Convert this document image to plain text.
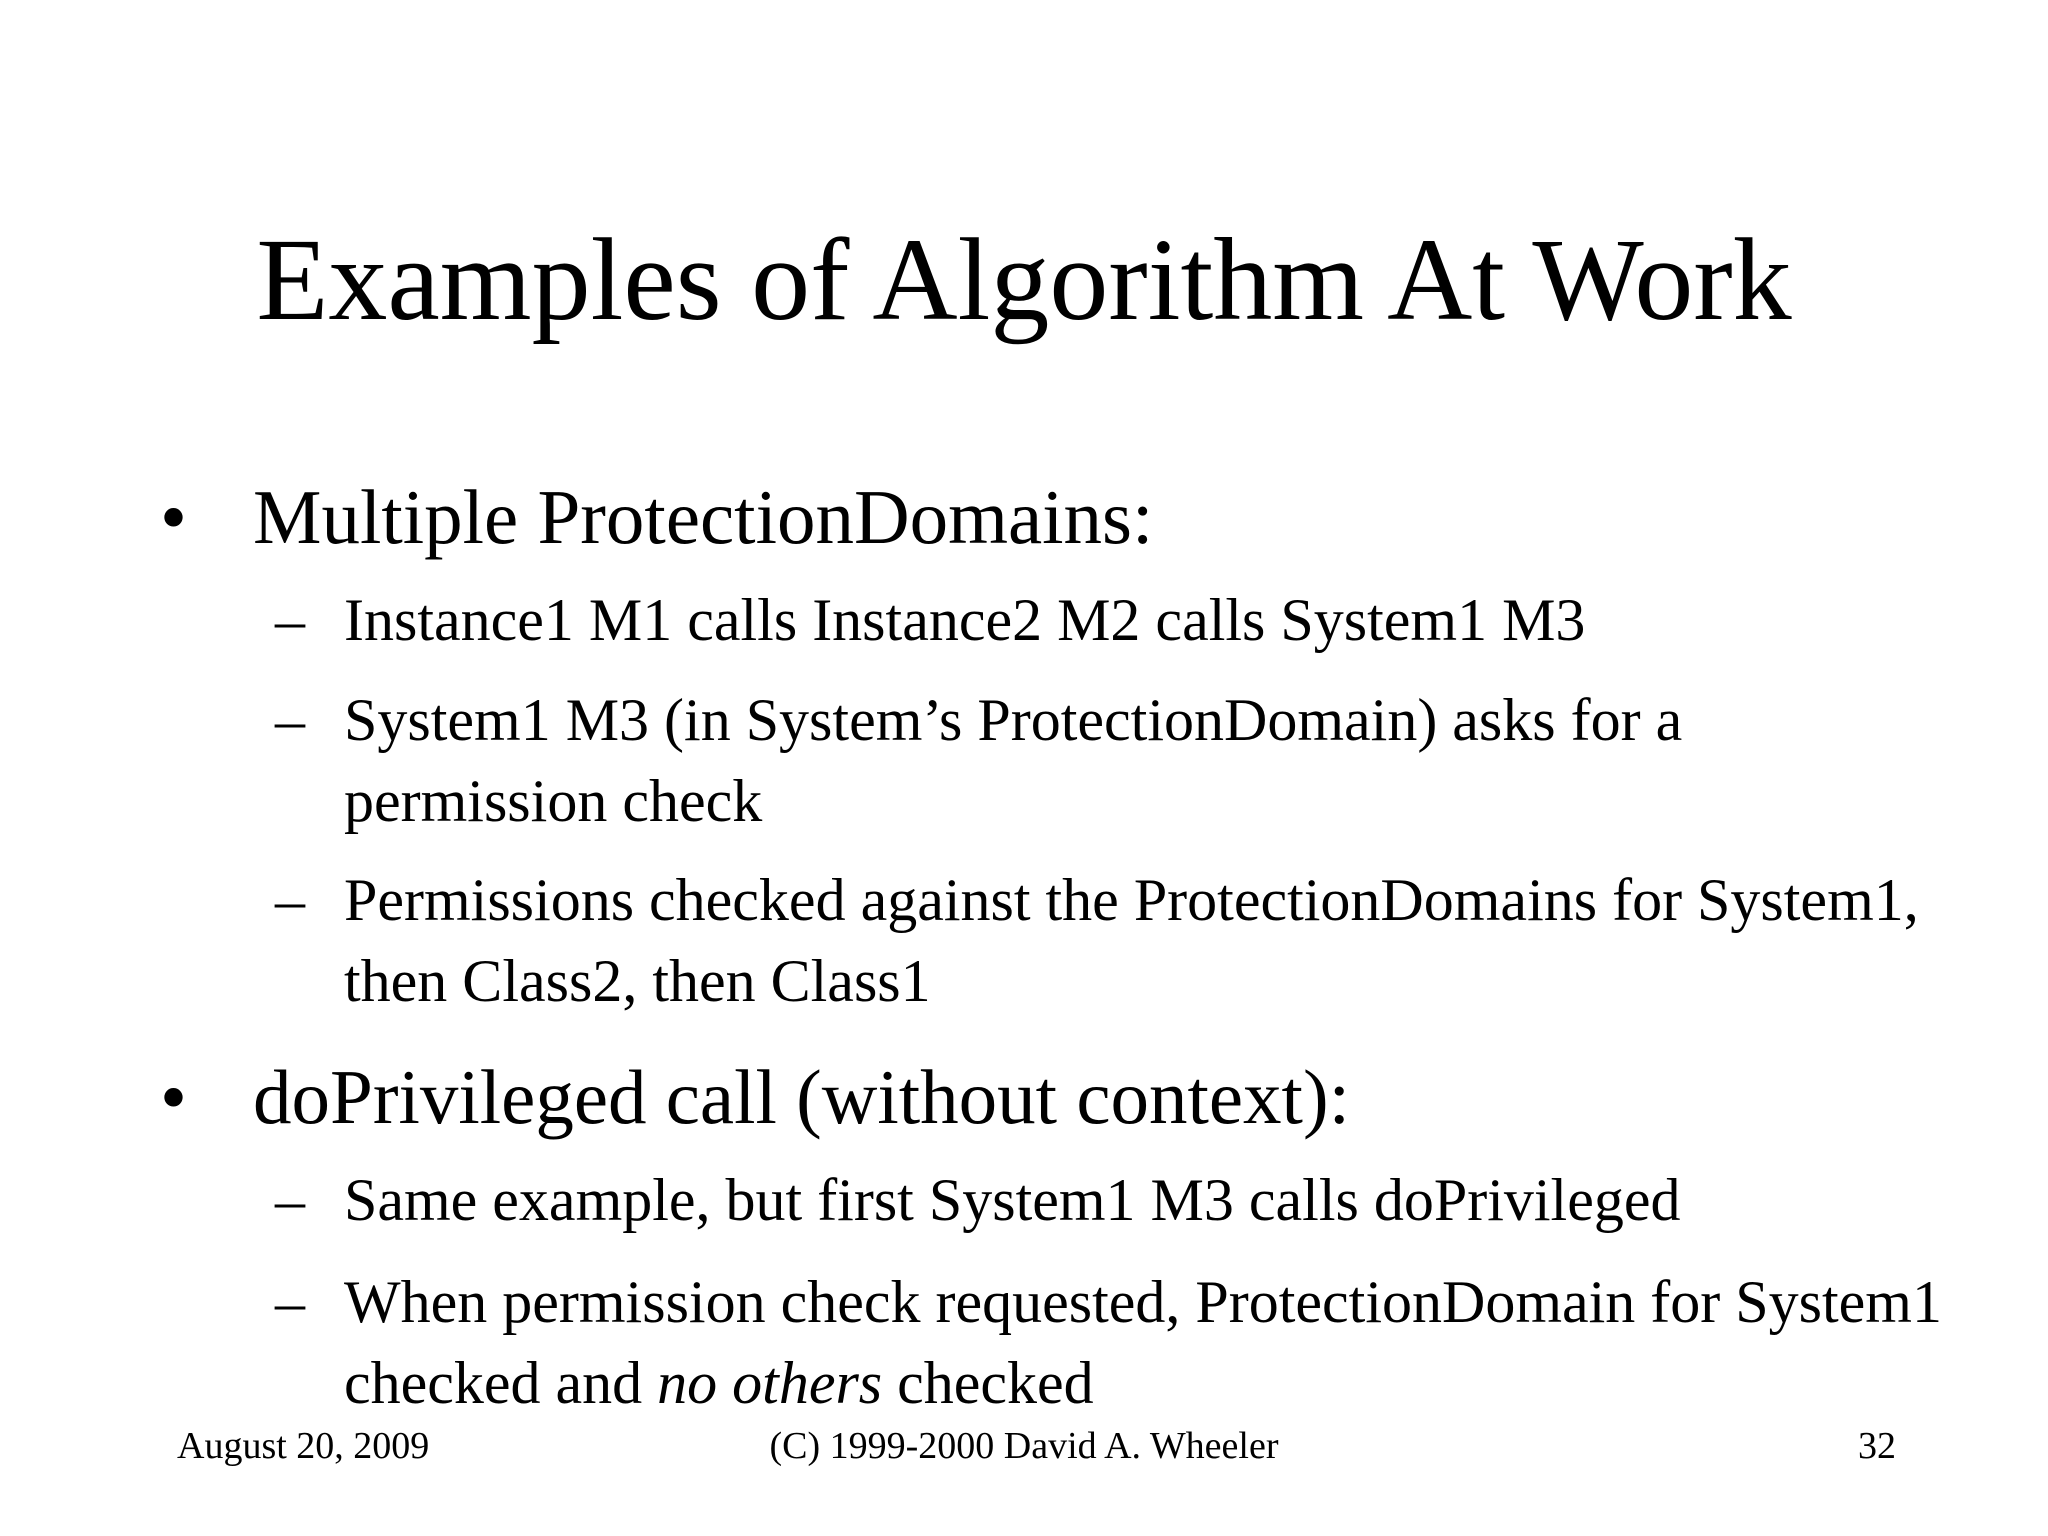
Examples of Algorithm At Work
• Multiple ProtectionDomains:
– Instance1 M1 calls Instance2 M2 calls System1 M3
– System1 M3 (in System’s ProtectionDomain) asks for a permission check
– Permissions checked against the ProtectionDomains for System1, then Class2, then Class1
• doPrivileged call (without context):
– Same example, but first System1 M3 calls doPrivileged
– When permission check requested, ProtectionDomain for System1 checked and no others checked
August 20, 2009	(C) 1999-2000 David A. Wheeler	32
